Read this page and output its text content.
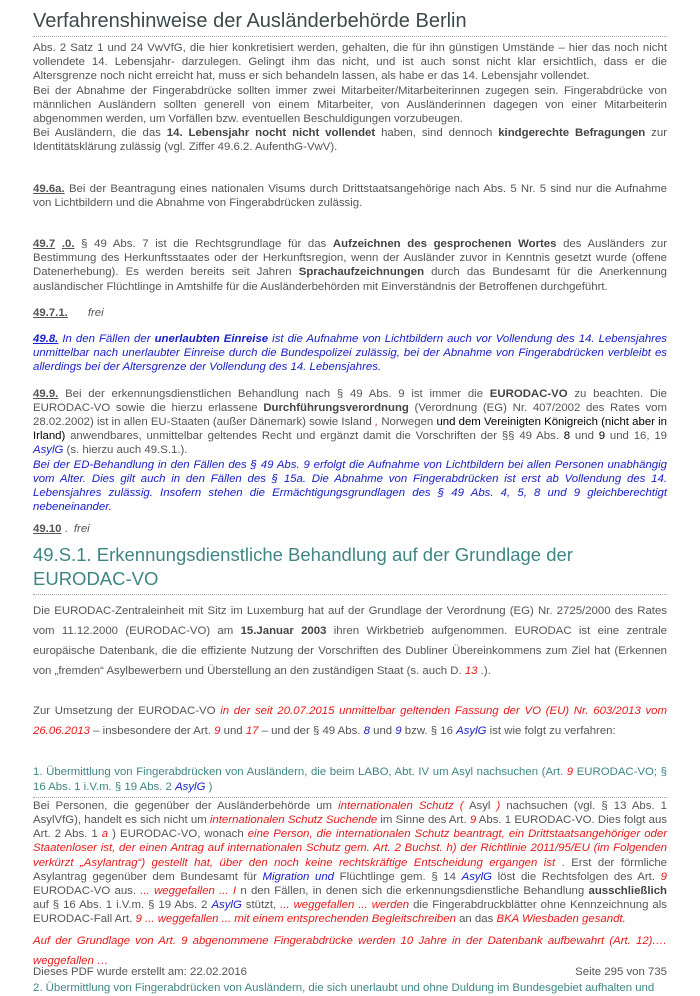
Verfahrenshinweise der Ausländerbehörde Berlin

Abs. 2 Satz 1 und 24 VwVfG, die hier konkretisiert werden, gehalten, die für ihn günstigen Umstände – hier das noch nicht vollendete 14. Lebensjahr- darzulegen. Gelingt ihm das nicht, und ist auch sonst nicht klar ersichtlich, dass er die Altersgrenze noch nicht erreicht hat, muss er sich behandeln lassen, als habe er das 14. Lebensjahr vollendet.
Bei der Abnahme der Fingerabdrücke sollten immer zwei Mitarbeiter/Mitarbeiterinnen zugegen sein. Fingerabdrücke von männlichen Ausländern sollten generell von einem Mitarbeiter, von Ausländerinnen dagegen von einer Mitarbeiterin abgenommen werden, um Vorfällen bzw. eventuellen Beschuldigungen vorzubeugen.
Bei Ausländern, die das 14. Lebensjahr nocht nicht vollendet haben, sind dennoch kindgerechte Befragungen zur Identitätsklärung zulässig (vgl. Ziffer 49.6.2. AufenthG-VwV).

49.6a. Bei der Beantragung eines nationalen Visums durch Drittstaatsangehörige nach Abs. 5 Nr. 5 sind nur die Aufnahme von Lichtbildern und die Abnahme von Fingerabdrücken zulässig.

49.7 .0. § 49 Abs. 7 ist die Rechtsgrundlage für das Aufzeichnen des gesprochenen Wortes des Ausländers zur Bestimmung des Herkunftsstaates oder der Herkunftsregion, wenn der Ausländer zuvor in Kenntnis gesetzt wurde (offene Datenerhebung). Es werden bereits seit Jahren Sprachaufzeichnungen durch das Bundesamt für die Anerkennung ausländischer Flüchtlinge in Amtshilfe für die Ausländerbehörden mit Einverständnis der Betroffenen durchgeführt.

49.7.1. frei

49.8. In den Fällen der unerlaubten Einreise ist die Aufnahme von Lichtbildern auch vor Vollendung des 14. Lebensjahres unmittelbar nach unerlaubter Einreise durch die Bundespolizei zulässig, bei der Abnahme von Fingerabdrücken verbleibt es allerdings bei der Altersgrenze der Vollendung des 14. Lebensjahres.

49.9. Bei der erkennungsdienstlichen Behandlung nach § 49 Abs. 9 ist immer die EURODAC-VO zu beachten. Die EURODAC-VO sowie die hierzu erlassene Durchführungsverordnung (Verordnung (EG) Nr. 407/2002 des Rates vom 28.02.2002) ist in allen EU-Staaten (außer Dänemark) sowie Island , Norwegen und dem Vereinigten Königreich (nicht aber in Irland) anwendbares, unmittelbar geltendes Recht und ergänzt damit die Vorschriften der §§ 49 Abs. 8 und 9 und 16, 19 AsylG (s. hierzu auch 49.S.1.).
Bei der ED-Behandlung in den Fällen des § 49 Abs. 9 erfolgt die Aufnahme von Lichtbildern bei allen Personen unabhängig vom Alter. Dies gilt auch in den Fällen des § 15a. Die Abnahme von Fingerabdrücken ist erst ab Vollendung des 14. Lebensjahres zulässig. Insofern stehen die Ermächtigungsgrundlagen des § 49 Abs. 4, 5, 8 und 9 gleichberechtigt nebeneinander.

49.10 . frei

49.S.1. Erkennungsdienstliche Behandlung auf der Grundlage der EURODAC-VO

Die EURODAC-Zentraleinheit mit Sitz im Luxemburg hat auf der Grundlage der Verordnung (EG) Nr. 2725/2000 des Rates vom 11.12.2000 (EURODAC-VO) am 15.Januar 2003 ihren Wirkbetrieb aufgenommen. EURODAC ist eine zentrale europäische Datenbank, die die effiziente Nutzung der Vorschriften des Dubliner Übereinkommens zum Ziel hat (Erkennen von „fremden“ Asylbewerbern und Überstellung an den zuständigen Staat (s. auch D. 13 .).

Zur Umsetzung der EURODAC-VO in der seit 20.07.2015 unmittelbar geltenden Fassung der VO (EU) Nr. 603/2013 vom 26.06.2013 – insbesondere der Art. 9 und 17 – und der § 49 Abs. 8 und 9 bzw. § 16 AsylG ist wie folgt zu verfahren:

1. Übermittlung von Fingerabdrücken von Ausländern, die beim LABO, Abt. IV um Asyl nachsuchen (Art. 9 EURODAC-VO; § 16 Abs. 1 i.V.m. § 19 Abs. 2 AsylG )

Bei Personen, die gegenüber der Ausländerbehörde um internationalen Schutz ( Asyl ) nachsuchen (vgl. § 13 Abs. 1 AsylVfG), handelt es sich nicht um internationalen Schutz Suchende im Sinne des Art. 9 Abs. 1 EURODAC-VO. Dies folgt aus Art. 2 Abs. 1 a ) EURODAC-VO, wonach eine Person, die internationalen Schutz beantragt, ein Drittstaatsangehöriger oder Staatenloser ist, der einen Antrag auf internationalen Schutz gem. Art. 2 Buchst. h) der Richtlinie 2011/95/EU (im Folgenden verkürzt „Asylantrag“) gestellt hat, über den noch keine rechtskräftige Entscheidung ergangen ist . Erst der förmliche Asylantrag gegenüber dem Bundesamt für Migration und Flüchtlinge gem. § 14 AsylG löst die Rechtsfolgen des Art. 9 EURODAC-VO aus. ... weggefallen ... I n den Fällen, in denen sich die erkennungsdienstliche Behandlung ausschließlich auf § 16 Abs. 1 i.V.m. § 19 Abs. 2 AsylG stützt, ... weggefallen ... werden die Fingerabdruckblätter ohne Kennzeichnung als EURODAC-Fall Art. 9 ... weggefallen ... mit einem entsprechenden Begleitschreiben an das BKA Wiesbaden gesandt.

Auf der Grundlage von Art. 9 abgenommene Fingerabdrücke werden 10 Jahre in der Datenbank aufbewahrt (Art. 12).… weggefallen …

2. Übermittlung von Fingerabdrücken von Ausländern, die sich unerlaubt und ohne Duldung im Bundesgebiet aufhalten und

Dieses PDF wurde erstellt am: 22.02.2016	Seite 295 von 735
